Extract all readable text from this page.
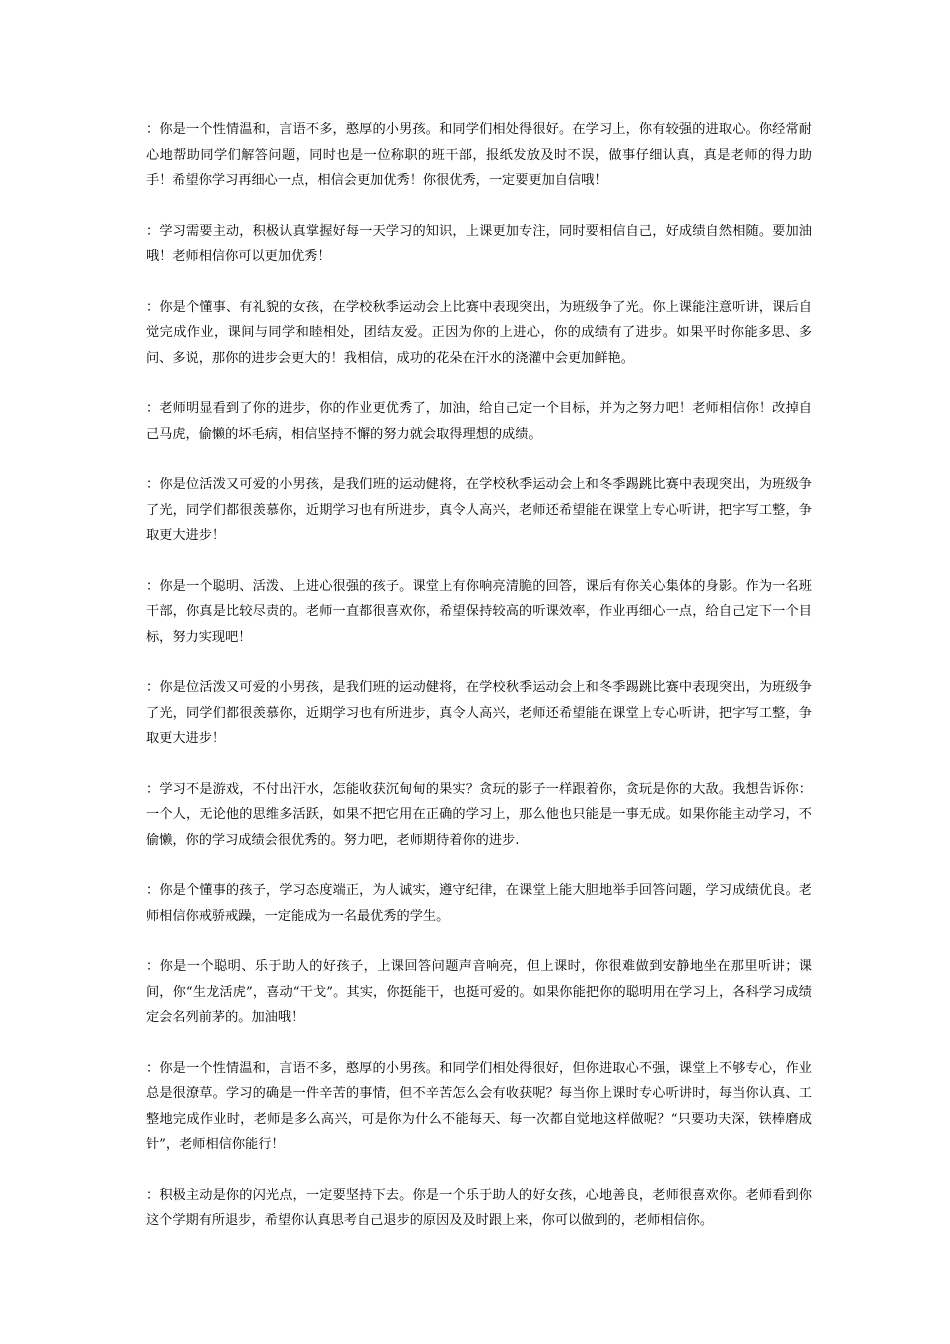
：你是一个性情温和，言语不多，憨厚的小男孩。和同学们相处得很好。在学习上，你有较强的进取心。你经常耐心地帮助同学们解答问题，同时也是一位称职的班干部，报纸发放及时不误，做事仔细认真，真是老师的得力助手！希望你学习再细心一点，相信会更加优秀！你很优秀，一定要更加自信哦！

：学习需要主动，积极认真掌握好每一天学习的知识，上课更加专注，同时要相信自己，好成绩自然相随。要加油哦！老师相信你可以更加优秀！

：你是个懂事、有礼貌的女孩，在学校秋季运动会上比赛中表现突出，为班级争了光。你上课能注意听讲，课后自觉完成作业，课间与同学和睦相处，团结友爱。正因为你的上进心，你的成绩有了进步。如果平时你能多思、多问、多说，那你的进步会更大的！我相信，成功的花朵在汗水的浇灌中会更加鲜艳。

：老师明显看到了你的进步，你的作业更优秀了，加油，给自己定一个目标，并为之努力吧！老师相信你！改掉自己马虎，偷懒的坏毛病，相信坚持不懈的努力就会取得理想的成绩。

：你是位活泼又可爱的小男孩，是我们班的运动健将，在学校秋季运动会上和冬季踢跳比赛中表现突出，为班级争了光，同学们都很羡慕你，近期学习也有所进步，真令人高兴，老师还希望能在课堂上专心听讲，把字写工整，争取更大进步！

：你是一个聪明、活泼、上进心很强的孩子。课堂上有你响亮清脆的回答，课后有你关心集体的身影。作为一名班干部，你真是比较尽责的。老师一直都很喜欢你，希望保持较高的听课效率，作业再细心一点，给自己定下一个目标，努力实现吧！

：你是位活泼又可爱的小男孩，是我们班的运动健将，在学校秋季运动会上和冬季踢跳比赛中表现突出，为班级争了光，同学们都很羡慕你，近期学习也有所进步，真令人高兴，老师还希望能在课堂上专心听讲，把字写工整，争取更大进步！

：学习不是游戏，不付出汗水，怎能收获沉甸甸的果实？贪玩的影子一样跟着你，贪玩是你的大敌。我想告诉你：一个人，无论他的思维多活跃，如果不把它用在正确的学习上，那么他也只能是一事无成。如果你能主动学习，不偷懒，你的学习成绩会很优秀的。努力吧，老师期待着你的进步.

：你是个懂事的孩子，学习态度端正，为人诚实，遵守纪律，在课堂上能大胆地举手回答问题，学习成绩优良。老师相信你戒骄戒躁，一定能成为一名最优秀的学生。

：你是一个聪明、乐于助人的好孩子，上课回答问题声音响亮，但上课时，你很难做到安静地坐在那里听讲；课间，你“生龙活虎”，喜动“干戈”。其实，你挺能干，也挺可爱的。如果你能把你的聪明用在学习上，各科学习成绩定会名列前茅的。加油哦！

：你是一个性情温和，言语不多，憨厚的小男孩。和同学们相处得很好，但你进取心不强，课堂上不够专心，作业总是很潦草。学习的确是一件辛苦的事情，但不辛苦怎么会有收获呢？每当你上课时专心听讲时，每当你认真、工整地完成作业时，老师是多么高兴，可是你为什么不能每天、每一次都自觉地这样做呢？“只要功夫深，铁棒磨成针”，老师相信你能行！

：积极主动是你的闪光点，一定要坚持下去。你是一个乐于助人的好女孩，心地善良，老师很喜欢你。老师看到你这个学期有所退步，希望你认真思考自己退步的原因及及时跟上来，你可以做到的，老师相信你。
